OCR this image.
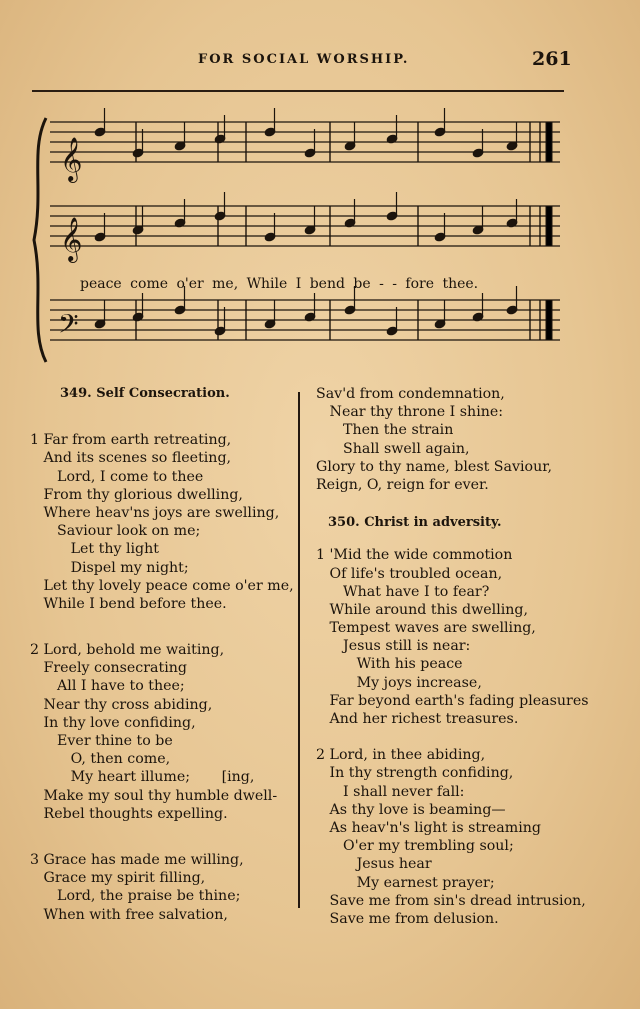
FOR SOCIAL WORSHIP.	261
𝄞
𝄞
𝄢
peace come o'er me, While I bend be - - fore thee.
349. Self Consecration.
1 Far from earth retreating,
And its scenes so fleeting,
Lord, I come to thee
From thy glorious dwelling,
Where heav'ns joys are swelling,
Saviour look on me;
Let thy light
Dispel my night;
Let thy lovely peace come o'er me,
While I bend before thee.
2 Lord, behold me waiting,
Freely consecrating
All I have to thee;
Near thy cross abiding,
In thy love confiding,
Ever thine to be
O, then come,
My heart illume;       [ing,
Make my soul thy humble dwell-
Rebel thoughts expelling.
3 Grace has made me willing,
Grace my spirit filling,
Lord, the praise be thine;
When with free salvation,
Sav'd from condemnation,
Near thy throne I shine:
Then the strain
Shall swell again,
Glory to thy name, blest Saviour,
Reign, O, reign for ever.
350. Christ in adversity.
1 'Mid the wide commotion
Of life's troubled ocean,
What have I to fear?
While around this dwelling,
Tempest waves are swelling,
Jesus still is near:
With his peace
My joys increase,
Far beyond earth's fading pleasures
And her richest treasures.
2 Lord, in thee abiding,
In thy strength confiding,
I shall never fall:
As thy love is beaming—
As heav'n's light is streaming
O'er my trembling soul;
Jesus hear
My earnest prayer;
Save me from sin's dread intrusion,
Save me from delusion.
